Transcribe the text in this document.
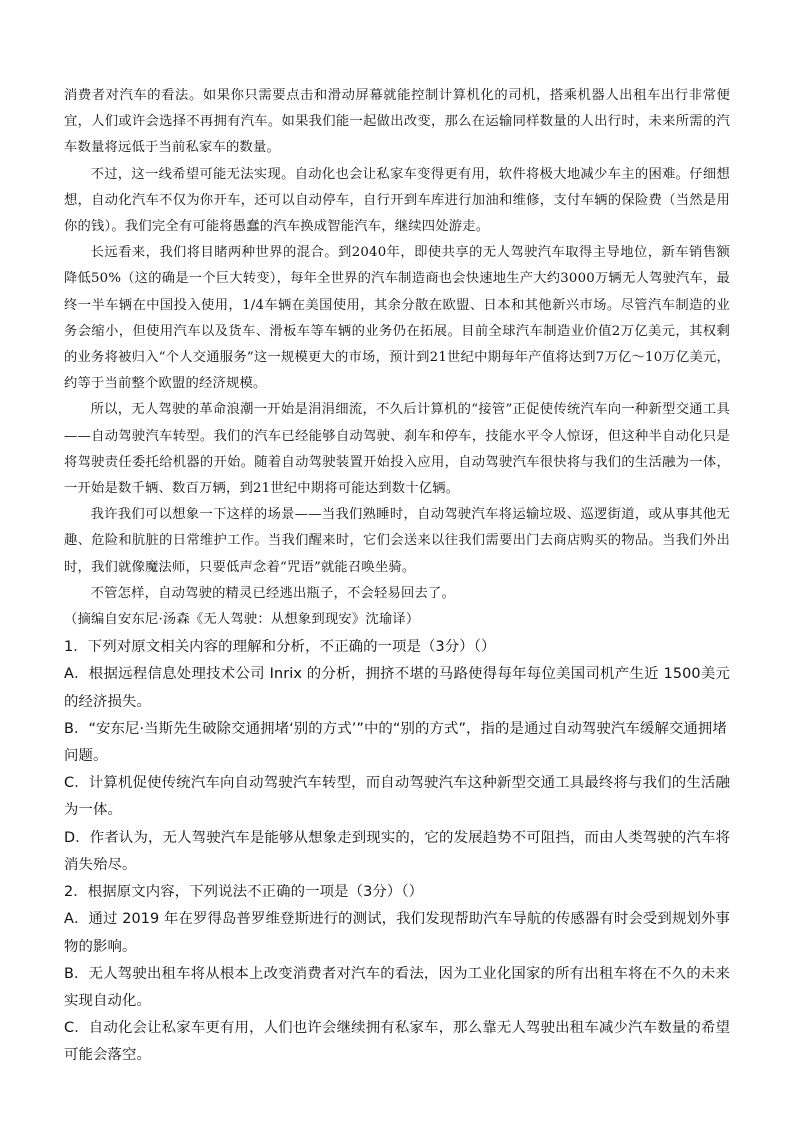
消费者对汽车的看法。如果你只需要点击和滑动屏幕就能控制计算机化的司机，搭乘机器人出租车出行非常便宜，人们或许会选择不再拥有汽车。如果我们能一起做出改变，那么在运输同样数量的人出行时，未来所需的汽车数量将远低于当前私家车的数量。

不过，这一线希望可能无法实现。自动化也会让私家车变得更有用，软件将极大地减少车主的困难。仔细想想，自动化汽车不仅为你开车，还可以自动停车，自行开到车库进行加油和维修，支付车辆的保险费（当然是用你的钱）。我们完全有可能将愚蠢的汽车换成智能汽车，继续四处游走。

长远看来，我们将目睹两种世界的混合。到2040年，即使共享的无人驾驶汽车取得主导地位，新车销售额降低50%（这的确是一个巨大转变），每年全世界的汽车制造商也会快速地生产大约3000万辆无人驾驶汽车，最终一半车辆在中国投入使用，1/4车辆在美国使用，其余分散在欧盟、日本和其他新兴市场。尽管汽车制造的业务会缩小，但使用汽车以及货车、滑板车等车辆的业务仍在拓展。目前全球汽车制造业价值2万亿美元，其权剩的业务将被归入“个人交通服务”这一规模更大的市场，预计到21世纪中期每年产值将达到7万亿～10万亿美元，约等于当前整个欧盟的经济规模。

所以，无人驾驶的革命浪潮一开始是涓涓细流，不久后计算机的“接管”正促使传统汽车向一种新型交通工具——自动驾驶汽车转型。我们的汽车已经能够自动驾驶、刹车和停车，技能水平令人惊讶，但这种半自动化只是将驾驶责任委托给机器的开始。随着自动驾驶装置开始投入应用，自动驾驶汽车很快将与我们的生活融为一体，一开始是数千辆、数百万辆，到21世纪中期将可能达到数十亿辆。

我许我们可以想象一下这样的场景——当我们熟睡时，自动驾驶汽车将运输垃圾、巡逻街道，或从事其他无趣、危险和肮脏的日常维护工作。当我们醒来时，它们会送来以往我们需要出门去商店购买的物品。当我们外出时，我们就像魔法师，只要低声念着“咒语”就能召唤坐骑。

不管怎样，自动驾驶的精灵已经逃出瓶子，不会轻易回去了。

（摘编自安东尼·汤森《无人驾驶：从想象到现安》沈瑜译）

1．下列对原文相关内容的理解和分析，不正确的一项是（3分）（）

A．根据远程信息处理技术公司 Inrix 的分析，拥挤不堪的马路使得每年每位美国司机产生近 1500美元的经济损失。

B．“安东尼·当斯先生破除交通拥堵‘别的方式’”中的“别的方式”，指的是通过自动驾驶汽车缓解交通拥堵

问题。

C．计算机促使传统汽车向自动驾驶汽车转型，而自动驾驶汽车这种新型交通工具最终将与我们的生活融为一体。

D．作者认为，无人驾驶汽车是能够从想象走到现实的，它的发展趋势不可阻挡，而由人类驾驶的汽车将消失殆尽。

2．根据原文内容，下列说法不正确的一项是（3分）（）

A．通过 2019 年在罗得岛普罗维登斯进行的测试，我们发现帮助汽车导航的传感器有时会受到规划外事物的影响。

B．无人驾驶出租车将从根本上改变消费者对汽车的看法，因为工业化国家的所有出租车将在不久的未来实现自动化。

C．自动化会让私家车更有用，人们也许会继续拥有私家车，那么靠无人驾驶出租车减少汽车数量的希望可能会落空。
